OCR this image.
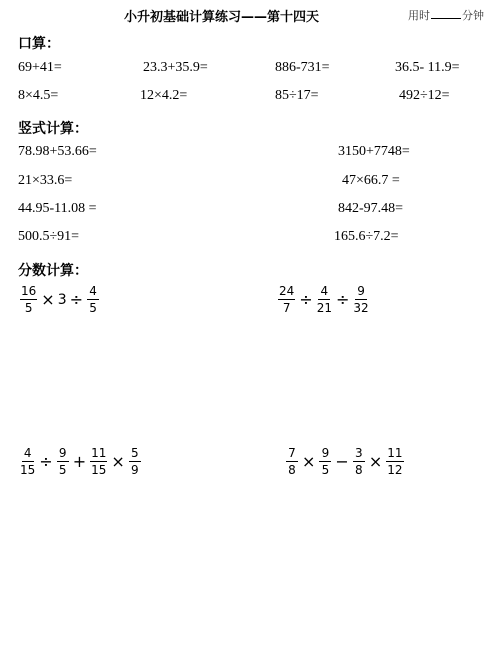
小升初基础计算练习——第十四天	用时	分钟
口算：
69+41=	23.3+35.9=	886-731=	36.5- 11.9=
8×4.5=	12×4.2=	85÷17=	492÷12=
竖式计算：
78.98+53.66=	3150+7748=
21×33.6=	47×66.7 =
44.95-11.08 =	842-97.48=
500.5÷91=	165.6÷7.2=
分数计算：
$\frac{16}{5} \times 3 \div \frac{4}{5}$	$\frac{24}{7} \div \frac{4}{21} \div \frac{9}{32}$
$\frac{4}{15} \div \frac{9}{5} + \frac{11}{15} \times \frac{5}{9}$	$\frac{7}{8} \times \frac{9}{5} - \frac{3}{8} \times \frac{11}{12}$
